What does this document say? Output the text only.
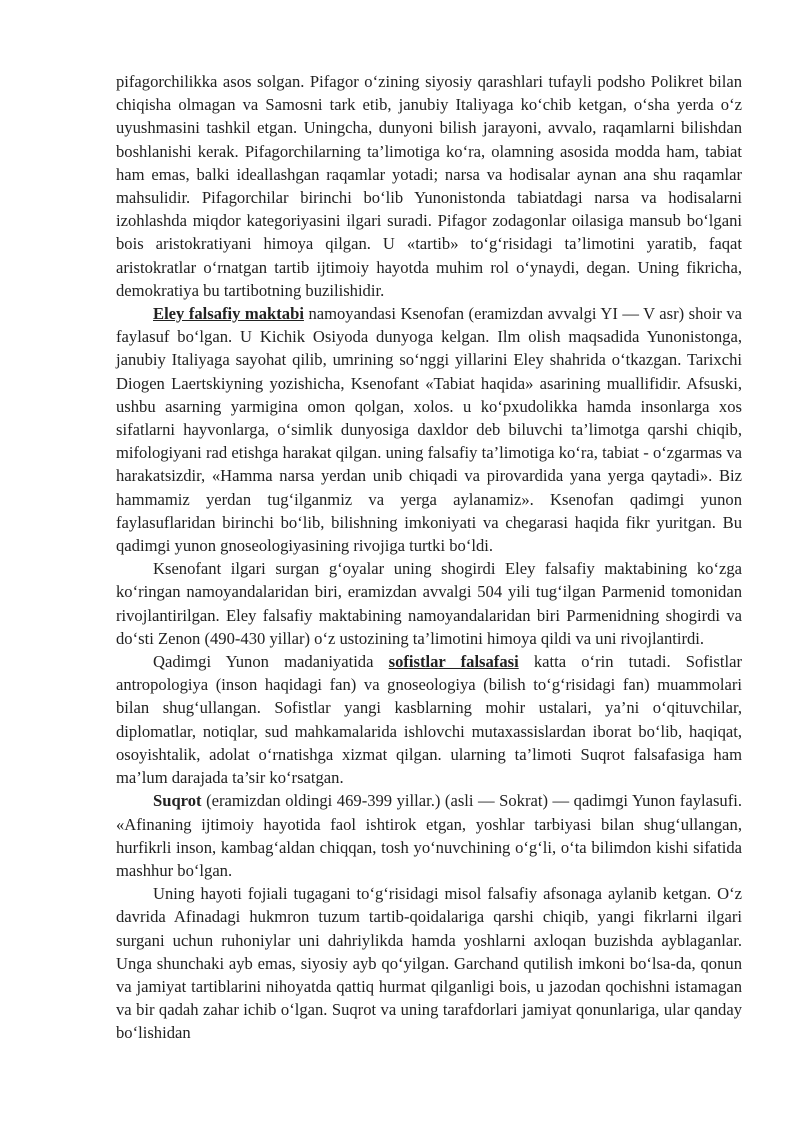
pifagorchilikka asos solgan. Pifagor o‘zining siyosiy qarashlari tufayli podsho Polikret bilan chiqisha olmagan va Samosni tark etib, janubiy Italiyaga ko‘chib ketgan, o‘sha yerda o‘z uyushmasini tashkil etgan. Uningcha, dunyoni bilish jarayoni, avvalo, raqamlarni bilishdan boshlanishi kerak. Pifagorchilarning ta’limotiga ko‘ra, olamning asosida modda ham, tabiat ham emas, balki ideallashgan raqamlar yotadi; narsa va hodisalar aynan ana shu raqamlar mahsulidir. Pifagorchilar birinchi bo‘lib Yunonistonda tabiatdagi narsa va hodisalarni izohlashda miqdor kategoriyasini ilgari suradi. Pifagor zodagonlar oilasiga mansub bo‘lgani bois aristokratiyani himoya qilgan. U «tartib» to‘g‘risidagi ta’limotini yaratib, faqat aristokratlar o‘rnatgan tartib ijtimoiy hayotda muhim rol o‘ynaydi, degan. Uning fikricha, demokratiya bu tartibotning buzilishidir.

Eley falsafiy maktabi namoyandasi Ksenofan (eramizdan avvalgi YI — V asr) shoir va faylasuf bo‘lgan. U Kichik Osiyoda dunyoga kelgan. Ilm olish maqsadida Yunonistonga, janubiy Italiyaga sayohat qilib, umrining so‘nggi yillarini Eley shahrida o‘tkazgan. Tarixchi Diogen Laertskiyning yozishicha, Ksenofant «Tabiat haqida» asarining muallifidir. Afsuski, ushbu asarning yarmigina omon qolgan, xolos. u ko‘pxudolikka hamda insonlarga xos sifatlarni hayvonlarga, o‘simlik dunyosiga daxldor deb biluvchi ta’limotga qarshi chiqib, mifologiyani rad etishga harakat qilgan. uning falsafiy ta’limotiga ko‘ra, tabiat - o‘zgarmas va harakatsizdir, «Hamma narsa yerdan unib chiqadi va pirovardida yana yerga qaytadi». Biz hammamiz yerdan tug‘ilganmiz va yerga aylanamiz». Ksenofan qadimgi yunon faylasuflaridan birinchi bo‘lib, bilishning imkoniyati va chegarasi haqida fikr yuritgan. Bu qadimgi yunon gnoseologiyasining rivojiga turtki bo‘ldi.

Ksenofant ilgari surgan g‘oyalar uning shogirdi Eley falsafiy maktabining ko‘zga ko‘ringan namoyandalaridan biri, eramizdan avvalgi 504 yili tug‘ilgan Parmenid tomonidan rivojlantirilgan. Eley falsafiy maktabining namoyandalaridan biri Parmenidning shogirdi va do‘sti Zenon (490-430 yillar) o‘z ustozining ta’limotini himoya qildi va uni rivojlantirdi.

Qadimgi Yunon madaniyatida sofistlar falsafasi katta o‘rin tutadi. Sofistlar antropologiya (inson haqidagi fan) va gnoseologiya (bilish to‘g‘risidagi fan) muammolari bilan shug‘ullangan. Sofistlar yangi kasblarning mohir ustalari, ya’ni o‘qituvchilar, diplomatlar, notiqlar, sud mahkamalarida ishlovchi mutaxassislardan iborat bo‘lib, haqiqat, osoyishtalik, adolat o‘rnatishga xizmat qilgan. ularning ta’limoti Suqrot falsafasiga ham ma’lum darajada ta’sir ko‘rsatgan.

Suqrot (eramizdan oldingi 469-399 yillar.) (asli — Sokrat) — qadimgi Yunon faylasufi. «Afinaning ijtimoiy hayotida faol ishtirok etgan, yoshlar tarbiyasi bilan shug‘ullangan, hurfikrli inson, kambag‘aldan chiqqan, tosh yo‘nuvchining o‘g‘li, o‘ta bilimdon kishi sifatida mashhur bo‘lgan.

Uning hayoti fojiali tugagani to‘g‘risidagi misol falsafiy afsonaga aylanib ketgan. O‘z davrida Afinadagi hukmron tuzum tartib-qoidalariga qarshi chiqib, yangi fikrlarni ilgari surgani uchun ruhoniylar uni dahriylikda hamda yoshlarni axloqan buzishda ayblaganlar. Unga shunchaki ayb emas, siyosiy ayb qo‘yilgan. Garchand qutilish imkoni bo‘lsa-da, qonun va jamiyat tartiblarini nihoyatda qattiq hurmat qilganligi bois, u jazodan qochishni istamagan va bir qadah zahar ichib o‘lgan. Suqrot va uning tarafdorlari jamiyat qonunlariga, ular qanday bo‘lishidan
